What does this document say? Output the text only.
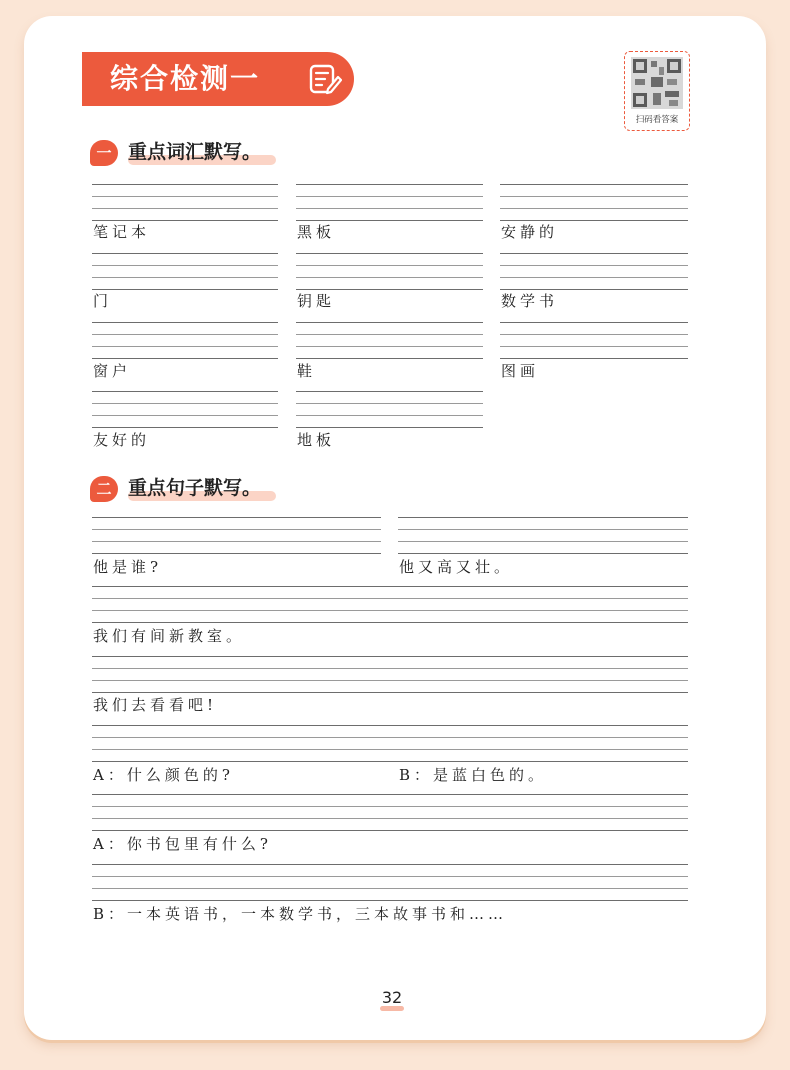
综合检测一
扫码看答案
一 重点词汇默写。
笔记本	黑板	安静的
门	钥匙	数学书
窗户	鞋	图画
友好的	地板
二 重点句子默写。
他是谁?	他又高又壮。
我们有间新教室。
我们去看看吧!
A：什么颜色的?	B：是蓝白色的。
A：你书包里有什么?
B：一本英语书，一本数学书，三本故事书和……
32
